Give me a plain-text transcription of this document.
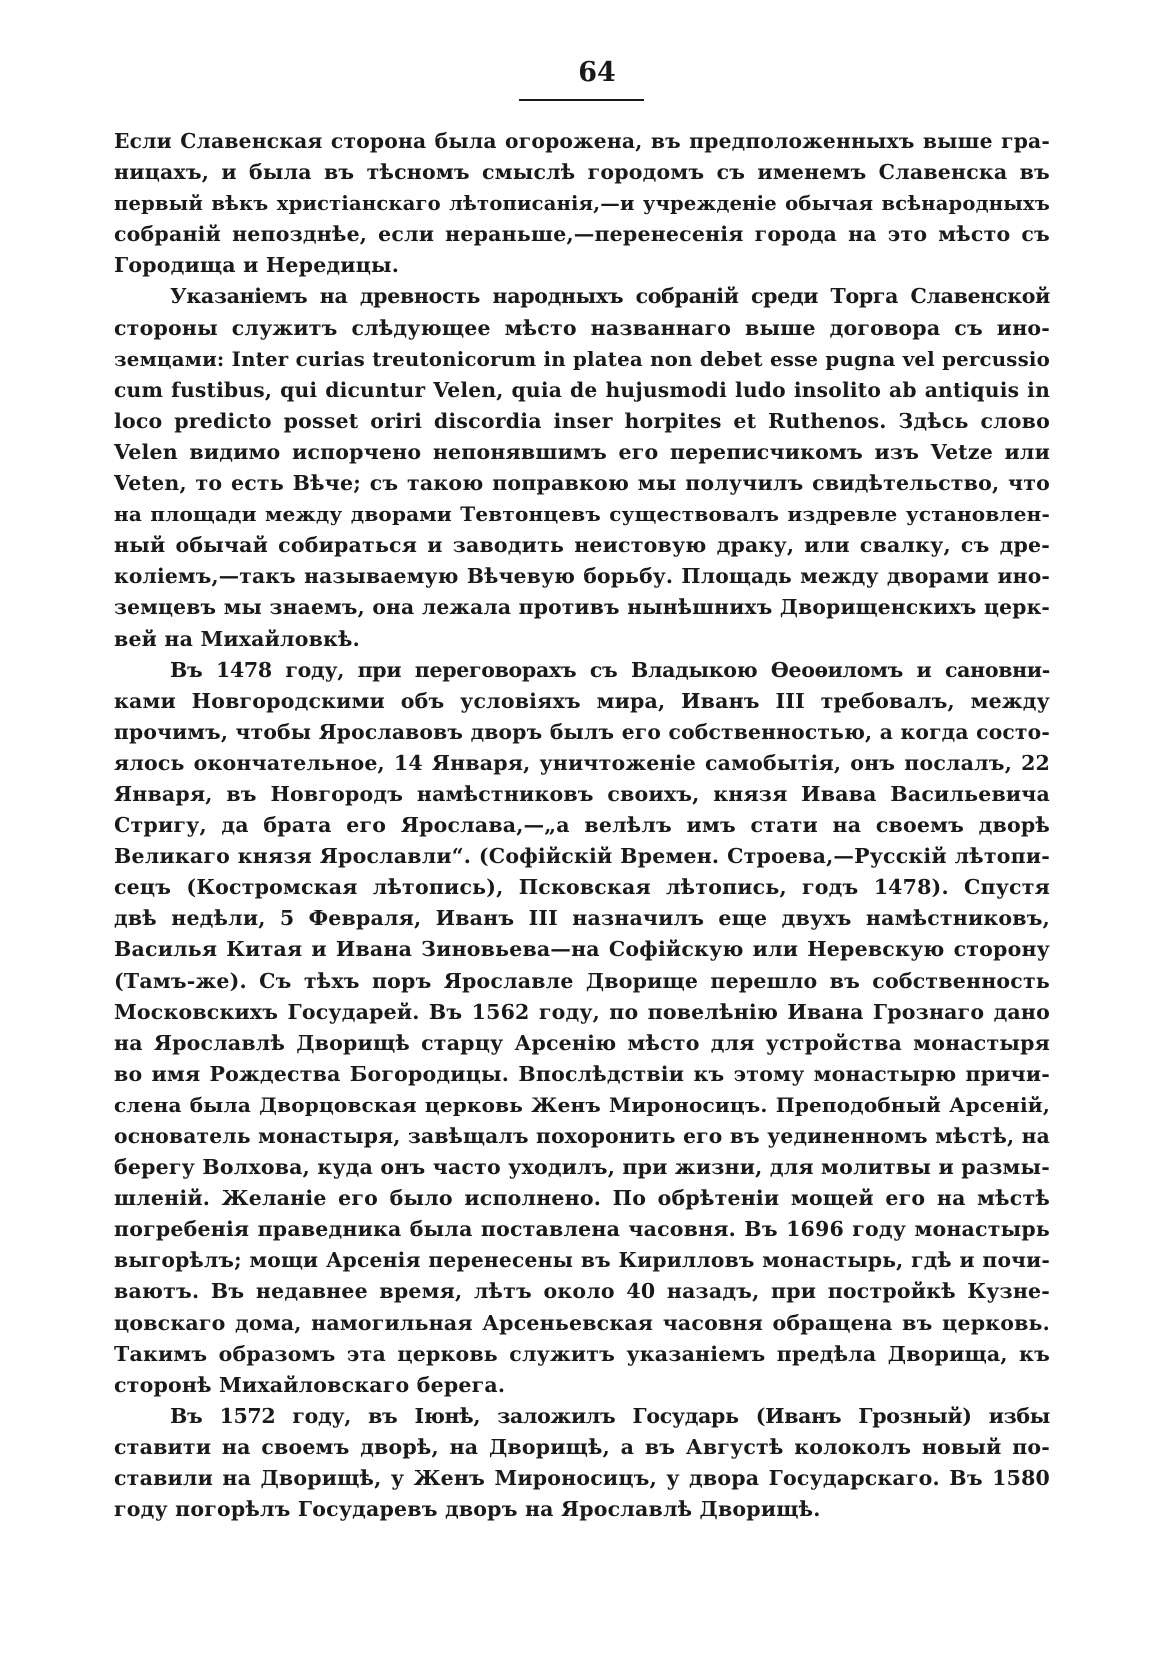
64
Если Славенская сторона была огорожена, въ предположенныхъ выше гра-
ницахъ, и была въ тѣсномъ смыслѣ городомъ съ именемъ Славенска въ
первый вѣкъ христіанскаго лѣтописанія,—и учрежденіе обычая всѣнародныхъ
собраній непозднѣе, если нераньше,—перенесенія города на это мѣсто съ
Городища и Нередицы.
Указаніемъ на древность народныхъ собраній среди Торга Славенской
стороны служитъ слѣдующее мѣсто названнаго выше договора съ ино-
земцами: Inter curias treutonicorum in platea non debet esse pugna vel percussio
cum fustibus, qui dicuntur Velen, quia de hujusmodi ludo insolito ab antiquis in
loco predicto posset oriri discordia inser horpites et Ruthenos. Здѣсь слово
Velen видимо испорчено непонявшимъ его переписчикомъ изъ Vetze или
Veten, то есть Вѣче; съ такою поправкою мы получилъ свидѣтельство, что
на площади между дворами Тевтонцевъ существовалъ издревле установлен-
ный обычай собираться и заводить неистовую драку, или свалку, съ дре-
коліемъ,—такъ называемую Вѣчевую борьбу. Площадь между дворами ино-
земцевъ мы знаемъ, она лежала противъ нынѣшнихъ Дворищенскихъ церк-
вей на Михайловкѣ.
Въ 1478 году, при переговорахъ съ Владыкою Ѳеоѳиломъ и сановни-
ками Новгородскими объ условіяхъ мира, Иванъ III требовалъ, между
прочимъ, чтобы Ярославовъ дворъ былъ его собственностью, а когда состо-
ялось окончательное, 14 Января, уничтоженіе самобытія, онъ послалъ, 22
Января, въ Новгородъ намѣстниковъ своихъ, князя Ивава Васильевича
Стригу, да брата его Ярослава,—„а велѣлъ имъ стати на своемъ дворѣ
Великаго князя Ярославли“. (Софійскій Времен. Строева,—Русскій лѣтопи-
сецъ (Костромская лѣтопись), Псковская лѣтопись, годъ 1478). Спустя
двѣ недѣли, 5 Февраля, Иванъ III назначилъ еще двухъ намѣстниковъ,
Василья Китая и Ивана Зиновьева—на Софійскую или Неревскую сторону
(Тамъ-же). Съ тѣхъ поръ Ярославле Дворище перешло въ собственность
Московскихъ Государей. Въ 1562 году, по повелѣнію Ивана Грознаго дано
на Ярославлѣ Дворищѣ старцу Арсенію мѣсто для устройства монастыря
во имя Рождества Богородицы. Впослѣдствіи къ этому монастырю причи-
слена была Дворцовская церковь Женъ Мироносицъ. Преподобный Арсеній,
основатель монастыря, завѣщалъ похоронить его въ уединенномъ мѣстѣ, на
берегу Волхова, куда онъ часто уходилъ, при жизни, для молитвы и размы-
шленій. Желаніе его было исполнено. По обрѣтеніи мощей его на мѣстѣ
погребенія праведника была поставлена часовня. Въ 1696 году монастырь
выгорѣлъ; мощи Арсенія перенесены въ Кирилловъ монастырь, гдѣ и почи-
ваютъ. Въ недавнее время, лѣтъ около 40 назадъ, при постройкѣ Кузне-
цовскаго дома, намогильная Арсеньевская часовня обращена въ церковь.
Такимъ образомъ эта церковь служитъ указаніемъ предѣла Дворища, къ
сторонѣ Михайловскаго берега.
Въ 1572 году, въ Іюнѣ, заложилъ Государь (Иванъ Грозный) избы
ставити на своемъ дворѣ, на Дворищѣ, а въ Августѣ колоколъ новый по-
ставили на Дворищѣ, у Женъ Мироносицъ, у двора Государскаго. Въ 1580
году погорѣлъ Государевъ дворъ на Ярославлѣ Дворищѣ.
